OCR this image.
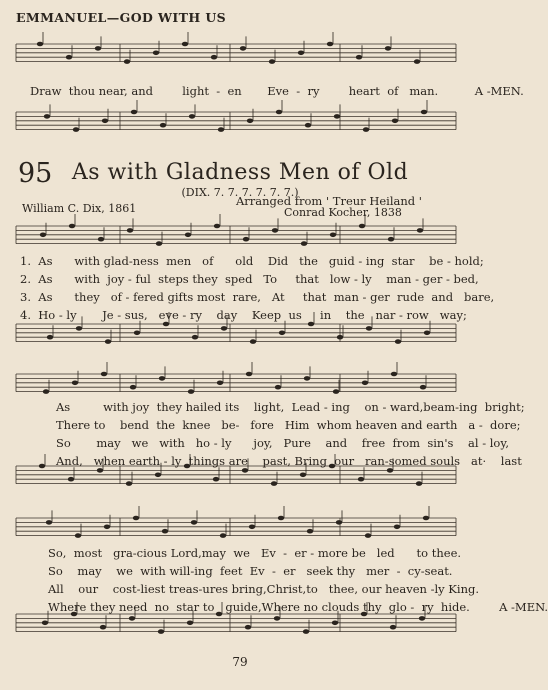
EMMANUEL—GOD WITH US
Draw  thou near, and        light  -  en       Eve  -  ry        heart  of   man.          A -MEN.
95 As with Gladness Men of Old
(DIX. 7. 7. 7. 7. 7. 7.)
Arranged from ' Treur Heiland '
William C. Dix, 1861	Conrad Kocher, 1838
1.  As      with glad-ness  men   of      old    Did   the   guid - ing  star    be - hold;
2.  As      with  joy - ful  steps they  sped   To     that   low - ly    man - ger - bed,
3.  As      they   of - fered gifts most  rare,   At     that  man - ger  rude  and   bare,
4.  Ho - ly       Je - sus,   eve - ry    day    Keep  us     in    the   nar - row   way;
As         with joy  they hailed its    light,  Lead - ing    on - ward,beam-ing  bright;
There to    bend  the  knee   be-   fore   Him  whom heaven and earth   a -  dore;
So       may   we   with   ho - ly      joy,   Pure    and    free  from  sin's    al - loy,
And,   when earth - ly  things are    past, Bring  our   ran-somed souls   at·    last
So,  most   gra-cious Lord,may  we   Ev  -  er - more be   led      to thee.
So    may    we  with will-ing  feet  Ev  -  er   seek thy   mer  -  cy-seat.
All    our    cost-liest treas-ures bring,Christ,to   thee, our heaven -ly King.
Where they need  no  star to   guide,Where no clouds thy  glo -  ry  hide.        A -MEN.
79
